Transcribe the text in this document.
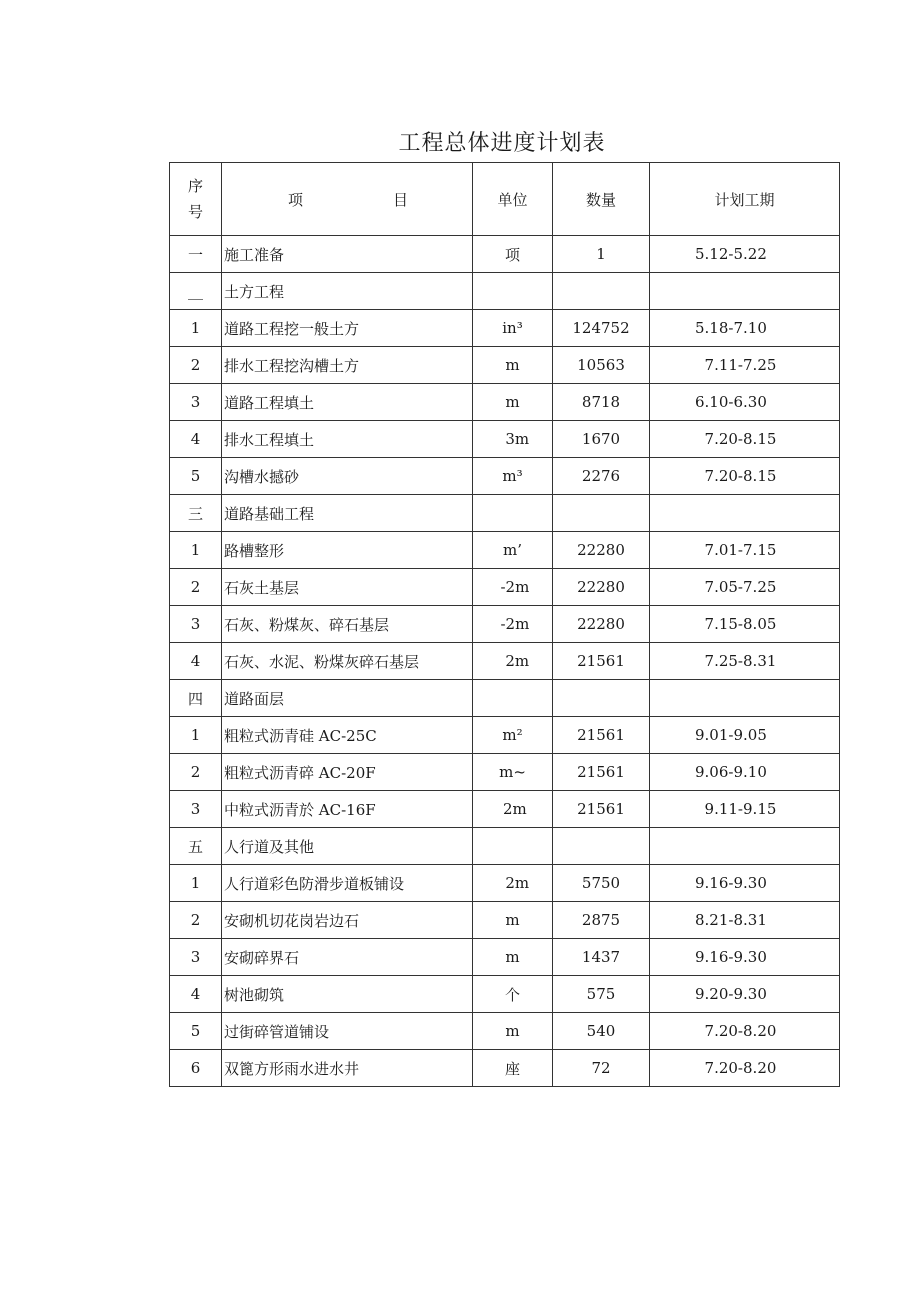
工程总体进度计划表
序
号	项 目	单位	数量	计划工期
一	施工准备	项	1	5.12-5.22
__	土方工程			
1	道路工程挖一般土方	in³	124752	5.18-7.10
2	排水工程挖沟槽土方	m	10563	7.11-7.25
3	道路工程填土	m	8718	6.10-6.30
4	排水工程填土	3m	1670	7.20-8.15
5	沟槽水撼砂	m³	2276	7.20-8.15
三	道路基础工程			
1	路槽整形	m’	22280	7.01-7.15
2	石灰土基层	-2m	22280	7.05-7.25
3	石灰、粉煤灰、碎石基层	-2m	22280	7.15-8.05
4	石灰、水泥、粉煤灰碎石基层	2m	21561	7.25-8.31
四	道路面层			
1	粗粒式沥青硅 AC-25C	m²	21561	9.01-9.05
2	粗粒式沥青碎 AC-20F	m~	21561	9.06-9.10
3	中粒式沥青於 AC-16F	2m	21561	9.11-9.15
五	人行道及其他			
1	人行道彩色防滑步道板铺设	2m	5750	9.16-9.30
2	安砌机切花岗岩边石	m	2875	8.21-8.31
3	安砌碎界石	m	1437	9.16-9.30
4	树池砌筑	个	575	9.20-9.30
5	过街碎管道铺设	m	540	7.20-8.20
6	双篦方形雨水进水井	座	72	7.20-8.20
